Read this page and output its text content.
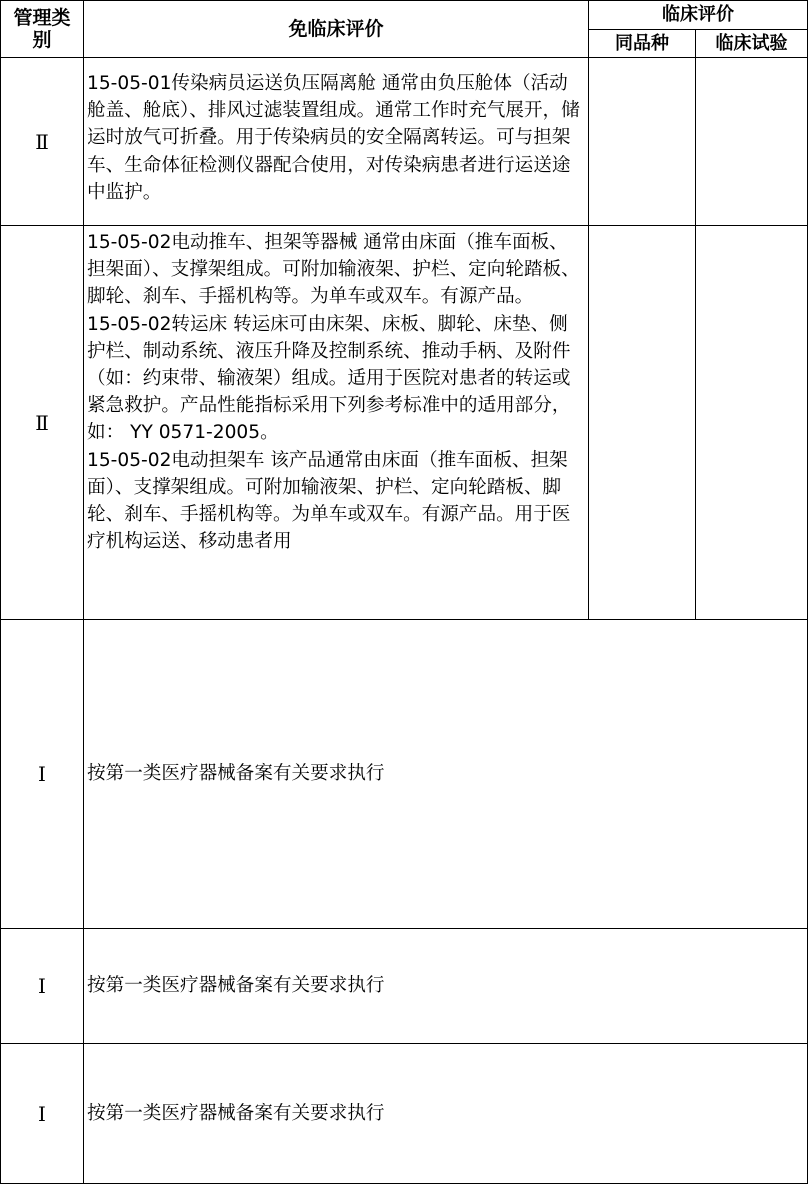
管理类别	免临床评价
临床评价
同品种	临床试验
Ⅱ

15-05-01传染病员运送负压隔离舱 通常由负压舱体（活动舱盖、舱底）、排风过滤装置组成。通常工作时充气展开，储运时放气可折叠。用于传染病员的安全隔离转运。可与担架车、生命体征检测仪器配合使用，对传染病患者进行运送途中监护。

Ⅱ

15-05-02电动推车、担架等器械 通常由床面（推车面板、担架面）、支撑架组成。可附加输液架、护栏、定向轮踏板、脚轮、刹车、手摇机构等。为单车或双车。有源产品。

15-05-02转运床 转运床可由床架、床板、脚轮、床垫、侧护栏、制动系统、液压升降及控制系统、推动手柄、及附件（如：约束带、输液架）组成。适用于医院对患者的转运或紧急救护。产品性能指标采用下列参考标准中的适用部分，如： YY 0571-2005。

15-05-02电动担架车 该产品通常由床面（推车面板、担架面）、支撑架组成。可附加输液架、护栏、定向轮踏板、脚轮、刹车、手摇机构等。为单车或双车。有源产品。用于医疗机构运送、移动患者用

Ⅰ 按第一类医疗器械备案有关要求执行
Ⅰ 按第一类医疗器械备案有关要求执行
Ⅰ 按第一类医疗器械备案有关要求执行
